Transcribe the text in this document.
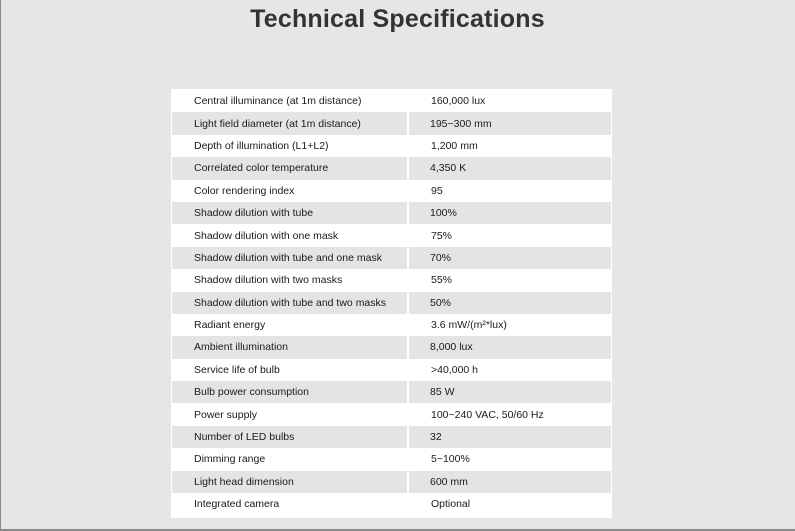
Technical Specifications
Central illuminance (at 1m distance)	160,000 lux
Light field diameter (at 1m distance)	195~300 mm
Depth of illumination (L1+L2)	1,200 mm
Correlated color temperature	4,350 K
Color rendering index	95
Shadow dilution with tube	100%
Shadow dilution with one mask	75%
Shadow dilution with tube and one mask	70%
Shadow dilution with two masks	55%
Shadow dilution with tube and two masks	50%
Radiant energy	3.6 mW/(m²*lux)
Ambient illumination	8,000 lux
Service life of bulb	>40,000 h
Bulb power consumption	85 W
Power supply	100~240 VAC, 50/60 Hz
Number of LED bulbs	32
Dimming range	5~100%
Light head dimension	600 mm
Integrated camera	Optional
